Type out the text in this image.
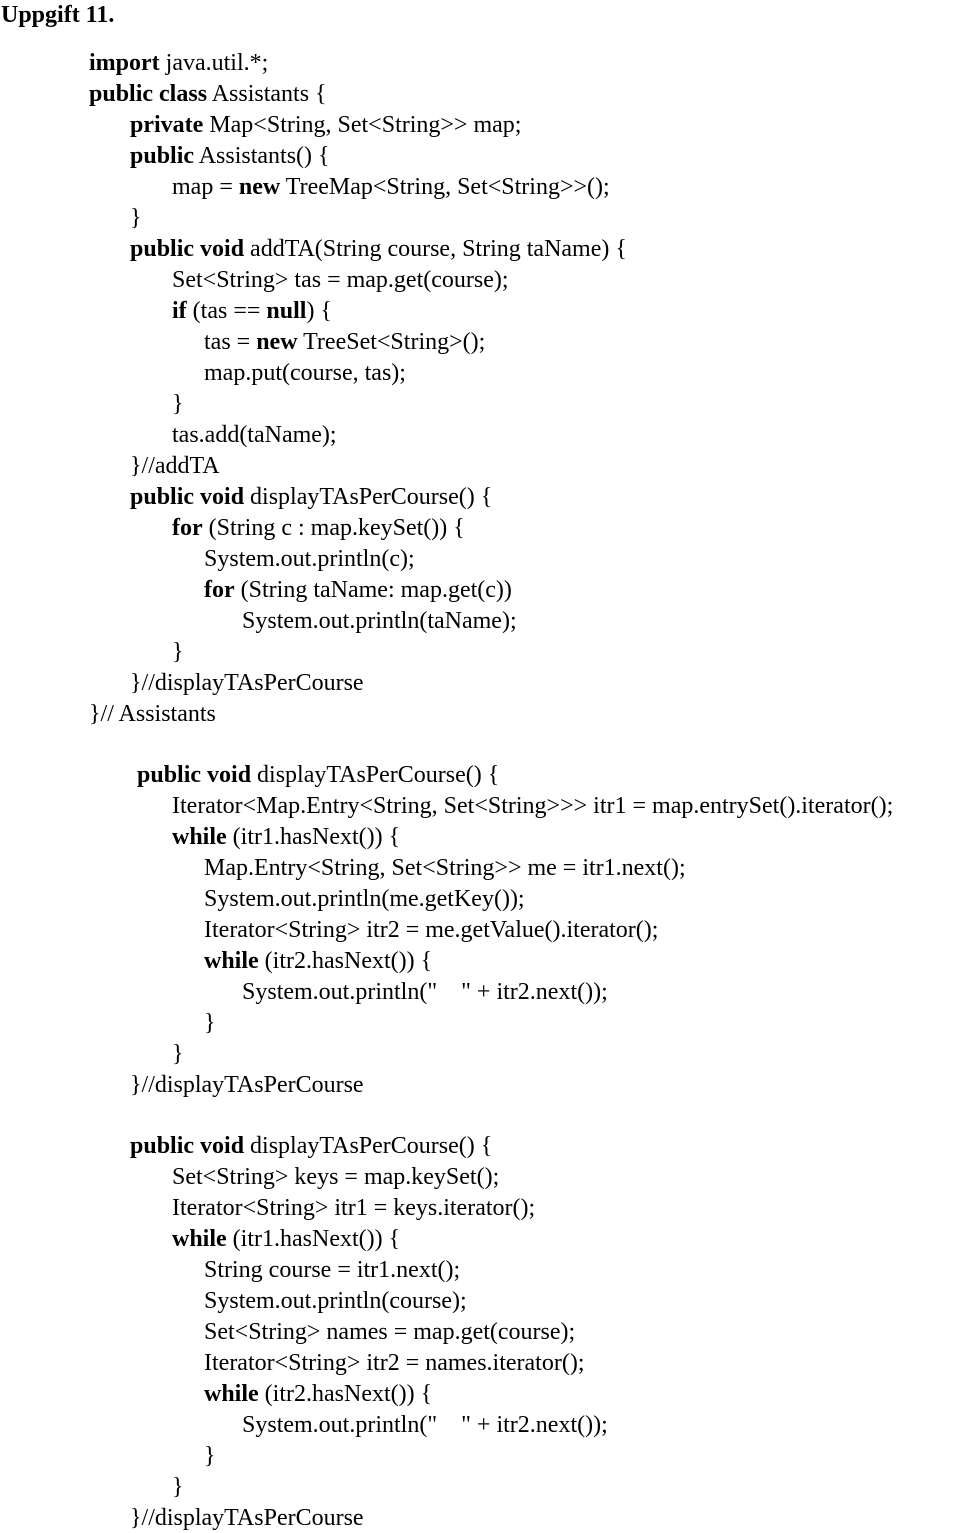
Uppgift 11.
import java.util.*;
public class Assistants {
private Map<String, Set<String>> map;
public Assistants() {
map = new TreeMap<String, Set<String>>();
}
public void addTA(String course, String taName) {
Set<String> tas = map.get(course);
if (tas == null) {
tas = new TreeSet<String>();
map.put(course, tas);
}
tas.add(taName);
}//addTA
public void displayTAsPerCourse() {
for (String c : map.keySet()) {
System.out.println(c);
for (String taName: map.get(c))
System.out.println(taName);
}
}//displayTAsPerCourse
}// Assistants
public void displayTAsPerCourse() {
Iterator<Map.Entry<String, Set<String>>> itr1 = map.entrySet().iterator();
while (itr1.hasNext()) {
Map.Entry<String, Set<String>> me = itr1.next();
System.out.println(me.getKey());
Iterator<String> itr2 = me.getValue().iterator();
while (itr2.hasNext()) {
System.out.println("    " + itr2.next());
}
}
}//displayTAsPerCourse
public void displayTAsPerCourse() {
Set<String> keys = map.keySet();
Iterator<String> itr1 = keys.iterator();
while (itr1.hasNext()) {
String course = itr1.next();
System.out.println(course);
Set<String> names = map.get(course);
Iterator<String> itr2 = names.iterator();
while (itr2.hasNext()) {
System.out.println("    " + itr2.next());
}
}
}//displayTAsPerCourse
